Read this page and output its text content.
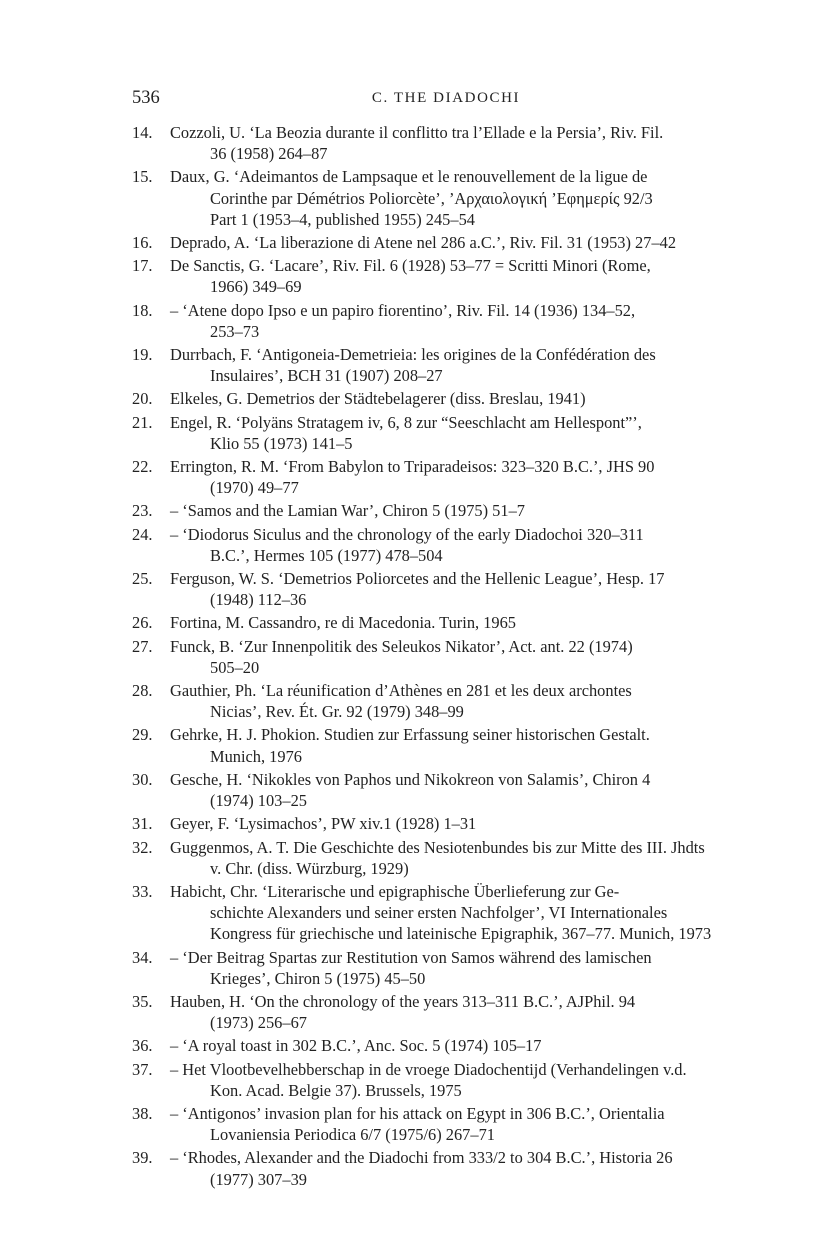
536	C. THE DIADOCHI
14. Cozzoli, U. ‘La Beozia durante il conflitto tra l’Ellade e la Persia’, Riv. Fil.
36 (1958) 264–87
15. Daux, G. ‘Adeimantos de Lampsaque et le renouvellement de la ligue de
Corinthe par Démétrios Poliorcète’, ’Αρχαιολογική ’Εφημερίς 92/3
Part 1 (1953–4, published 1955) 245–54
16. Deprado, A. ‘La liberazione di Atene nel 286 a.C.’, Riv. Fil. 31 (1953) 27–42
17. De Sanctis, G. ‘Lacare’, Riv. Fil. 6 (1928) 53–77 = Scritti Minori (Rome,
1966) 349–69
18. – ‘Atene dopo Ipso e un papiro fiorentino’, Riv. Fil. 14 (1936) 134–52,
253–73
19. Durrbach, F. ‘Antigoneia-Demetrieia: les origines de la Confédération des
Insulaires’, BCH 31 (1907) 208–27
20. Elkeles, G. Demetrios der Städtebelagerer (diss. Breslau, 1941)
21. Engel, R. ‘Polyäns Stratagem iv, 6, 8 zur “Seeschlacht am Hellespont”’,
Klio 55 (1973) 141–5
22. Errington, R. M. ‘From Babylon to Triparadeisos: 323–320 B.C.’, JHS 90
(1970) 49–77
23. – ‘Samos and the Lamian War’, Chiron 5 (1975) 51–7
24. – ‘Diodorus Siculus and the chronology of the early Diadochoi 320–311
B.C.’, Hermes 105 (1977) 478–504
25. Ferguson, W. S. ‘Demetrios Poliorcetes and the Hellenic League’, Hesp. 17
(1948) 112–36
26. Fortina, M. Cassandro, re di Macedonia. Turin, 1965
27. Funck, B. ‘Zur Innenpolitik des Seleukos Nikator’, Act. ant. 22 (1974)
505–20
28. Gauthier, Ph. ‘La réunification d’Athènes en 281 et les deux archontes
Nicias’, Rev. Ét. Gr. 92 (1979) 348–99
29. Gehrke, H. J. Phokion. Studien zur Erfassung seiner historischen Gestalt.
Munich, 1976
30. Gesche, H. ‘Nikokles von Paphos und Nikokreon von Salamis’, Chiron 4
(1974) 103–25
31. Geyer, F. ‘Lysimachos’, PW xiv.1 (1928) 1–31
32. Guggenmos, A. T. Die Geschichte des Nesiotenbundes bis zur Mitte des III. Jhdts
v. Chr. (diss. Würzburg, 1929)
33. Habicht, Chr. ‘Literarische und epigraphische Überlieferung zur Ge-
schichte Alexanders und seiner ersten Nachfolger’, VI Internationales
Kongress für griechische und lateinische Epigraphik, 367–77. Munich, 1973
34. – ‘Der Beitrag Spartas zur Restitution von Samos während des lamischen
Krieges’, Chiron 5 (1975) 45–50
35. Hauben, H. ‘On the chronology of the years 313–311 B.C.’, AJPhil. 94
(1973) 256–67
36. – ‘A royal toast in 302 B.C.’, Anc. Soc. 5 (1974) 105–17
37. – Het Vlootbevelhebberschap in de vroege Diadochentijd (Verhandelingen v.d.
Kon. Acad. Belgie 37). Brussels, 1975
38. – ‘Antigonos’ invasion plan for his attack on Egypt in 306 B.C.’, Orientalia
Lovaniensia Periodica 6/7 (1975/6) 267–71
39. – ‘Rhodes, Alexander and the Diadochi from 333/2 to 304 B.C.’, Historia 26
(1977) 307–39
